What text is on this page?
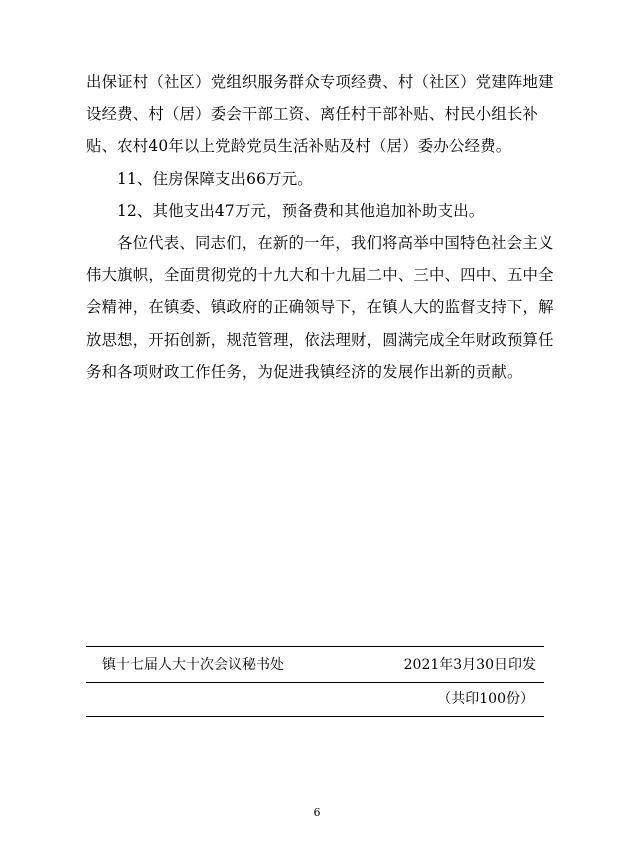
出保证村（社区）党组织服务群众专项经费、村（社区）党建阵地建设经费、村（居）委会干部工资、离任村干部补贴、村民小组长补贴、农村40年以上党龄党员生活补贴及村（居）委办公经费。

11、住房保障支出66万元。

12、其他支出47万元，预备费和其他追加补助支出。

各位代表、同志们，在新的一年，我们将高举中国特色社会主义伟大旗帜，全面贯彻党的十九大和十九届二中、三中、四中、五中全会精神，在镇委、镇政府的正确领导下，在镇人大的监督支持下，解放思想，开拓创新，规范管理，依法理财，圆满完成全年财政预算任务和各项财政工作任务，为促进我镇经济的发展作出新的贡献。

镇十七届人大十次会议秘书处	2021年3月30日印发
（共印100份）
6
